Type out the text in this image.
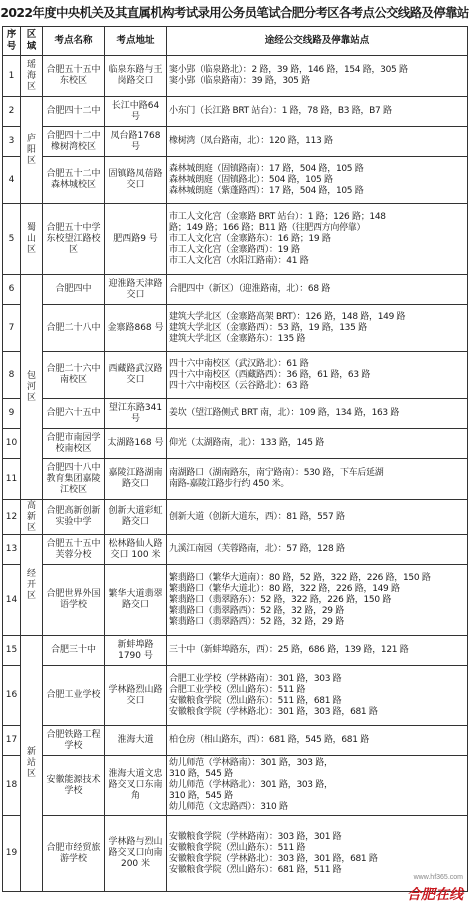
2022年度中央机关及其直属机构考试录用公务员笔试合肥分考区各考点公交线路及停靠站
序号	区域	考点名称	考点地址	途经公交线路及停靠站点
1	瑶海区	合肥五十五中东校区	临泉东路与王岗路交口	窦小郢（临泉路北）：2 路，39 路，146 路，154 路，305 路
窦小郢（临泉路南）：39 路，305 路

2	庐阳区	合肥四十二中	长江中路64 号	小东门（长江路 BRT 站台）：1 路，78 路，B3 路，B7 路

3		合肥四十二中橡树湾校区	凤台路1768 号	橡树湾（凤台路南，北）：120 路，113 路

4		合肥五十二中森林城校区	固镇路凤蓓路交口	森林城朗庭（固镇路南）：17 路，504 路，105 路
森林城朗庭（固镇路北）：504 路，105 路
森林城朗庭（紫蓬路西）：17 路，504 路，105 路

5	蜀山区	合肥五十中学东校望江路校区	肥西路9 号	市工人文化宫（金寨路 BRT 站台）：1 路；126 路；148
路；149 路；166 路；B11 路（往肥西方向停靠）
市工人文化宫（金寨路东）：16 路；19 路
市工人文化宫（金寨路西）：19 路
市工人文化宫（水阳江路南）：41 路

6	包河区	合肥四中	迎淮路天津路交口	合肥四中（新区）（迎淮路南，北）：68 路

7		合肥二十八中	金寨路868 号	建筑大学北区（金寨路高架 BRT）：126 路，148 路，149 路
建筑大学北区（金寨路西）：53 路，19 路，135 路
建筑大学北区（金寨路东）：135 路

8		合肥二十六中南校区	西藏路武汉路交口	四十六中南校区（武汉路北）：61 路
四十六中南校区（西藏路西）：36 路，61 路，63 路
四十六中南校区（云谷路北）：63 路

9		合肥六十五中	望江东路341 号	姜坎（望江路侧式 BRT 南，北）：109 路，134 路，163 路

10		合肥市南园学校南校区	太湖路168 号	仰光（太湖路南，北）：133 路，145 路

11		合肥四十八中教育集团嘉陵江校区	嘉陵江路湖南路交口	南湖路口（湖南路东，南宁路南）：530 路，下车后延湖
南路-嘉陵江路步行约 450 米。

12	高新区	合肥高新创新实验中学	创新大道彩虹路交口	创新大道（创新大道东，西）：81 路，557 路

13	经开区	合肥五十五中芙蓉分校	松林路仙人路交口 100 米	九溪江南园（芙蓉路南，北）：57 路，128 路

14		合肥世界外国语学校	繁华大道翡翠路交口	繁翡路口（繁华大道南）：80 路，52 路，322 路，226 路，150 路
繁翡路口（繁华大道北）：80 路，322 路，226 路，149 路
繁翡路口（翡翠路东）：52 路，322 路，226 路，150 路
繁翡路口（翡翠路西）：52 路，32 路，29 路
繁翡路口（翡翠路西）：52 路，32 路，29 路

15	新站区	合肥三十中	新蚌埠路1790 号	三十中（新蚌埠路东，西）：25 路，686 路，139 路，121 路

16		合肥工业学校	学林路烈山路交口	合肥工业学校（学林路南）：301 路，303 路
合肥工业学校（烈山路东）：511 路
安徽粮食学院（烈山路东）：511 路，681 路
安徽粮食学院（学林路北）：301 路，303 路，681 路

17		合肥铁路工程学校	淮海大道	柏仓房（相山路东，西）：681 路，545 路，681 路

18		安徽能源技术学校	淮海大道文忠路交叉口东南角	幼儿师范（学林路南）：301 路，303 路，
310 路，545 路
幼儿师范（学林路北）：301 路，303 路，
310 路，545 路
幼儿师范（文忠路西）：310 路

19		合肥市经贸旅游学校	学林路与烈山路交叉口向南 200 米	安徽粮食学院（学林路南）：303 路，301 路
安徽粮食学院（烈山路东）：511 路
安徽粮食学院（学林路北）：303 路，301 路，681 路
安徽粮食学院（烈山路东）：681 路，511 路
www.hf365.com
合肥在线
